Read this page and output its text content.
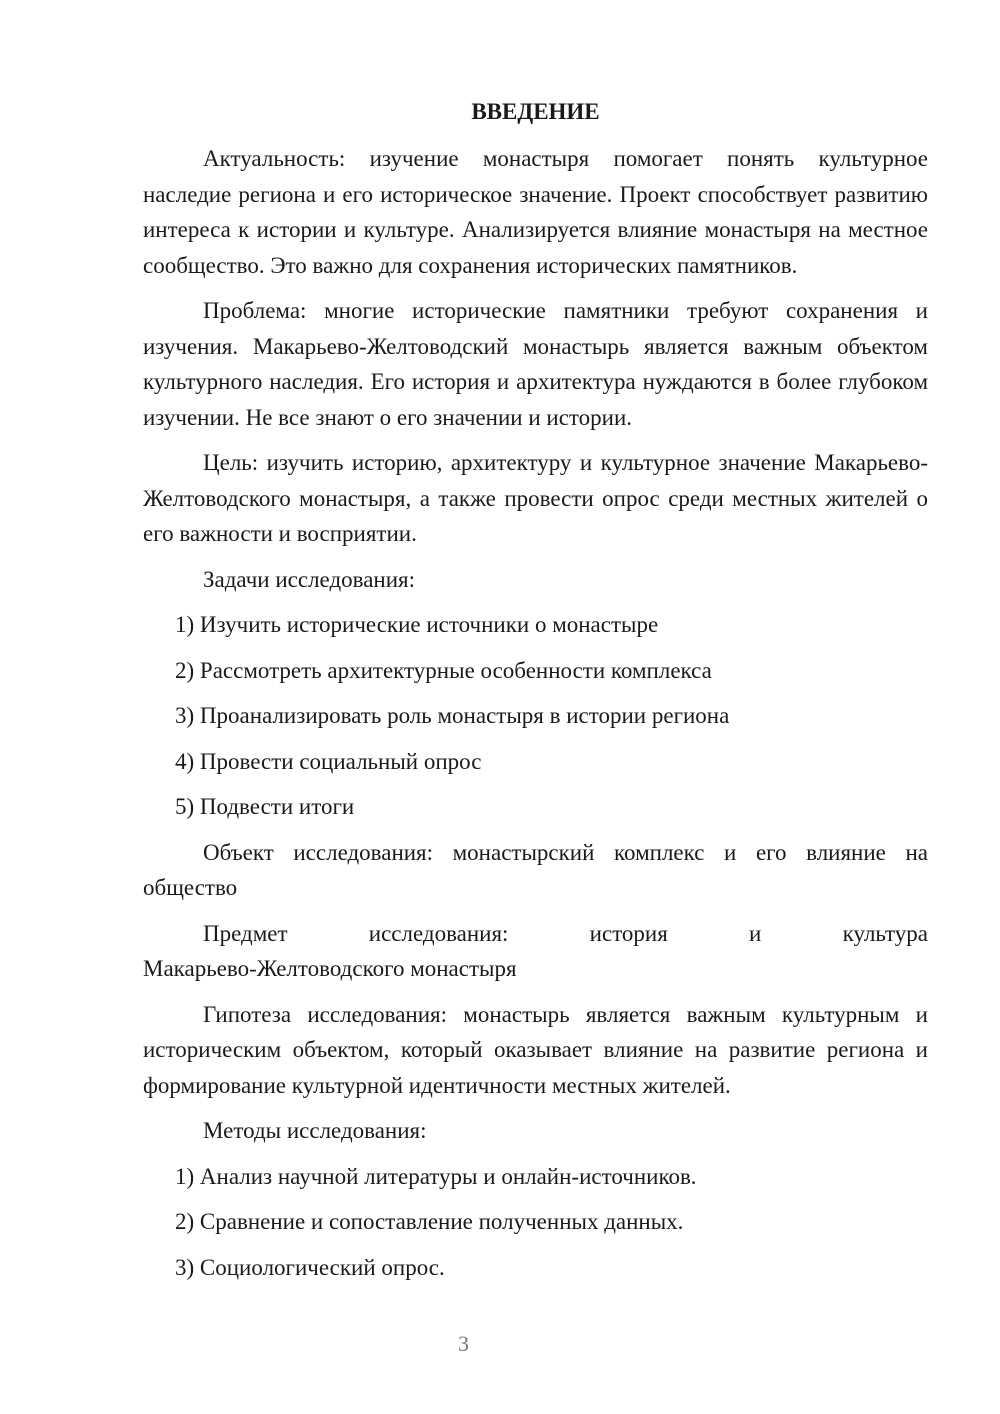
ВВЕДЕНИЕ

Актуальность: изучение монастыря помогает понять культурное наследие региона и его историческое значение. Проект способствует развитию интереса к истории и культуре. Анализируется влияние монастыря на местное сообщество. Это важно для сохранения исторических памятников.

Проблема: многие исторические памятники требуют сохранения и изучения. Макарьево-Желтоводский монастырь является важным объектом культурного наследия. Его история и архитектура нуждаются в более глубоком изучении. Не все знают о его значении и истории.

Цель: изучить историю, архитектуру и культурное значение Макарьево-Желтоводского монастыря, а также провести опрос среди местных жителей о его важности и восприятии.

Задачи исследования:
1) Изучить исторические источники о монастыре
2) Рассмотреть архитектурные особенности комплекса
3) Проанализировать роль монастыря в истории региона
4) Провести социальный опрос
5) Подвести итоги

Объект исследования: монастырский комплекс и его влияние на общество

Предмет исследования: история и культура
Макарьево-Желтоводского монастыря

Гипотеза исследования: монастырь является важным культурным и историческим объектом, который оказывает влияние на развитие региона и формирование культурной идентичности местных жителей.

Методы исследования:
1) Анализ научной литературы и онлайн-источников.
2) Сравнение и сопоставление полученных данных.
3) Социологический опрос.
3
